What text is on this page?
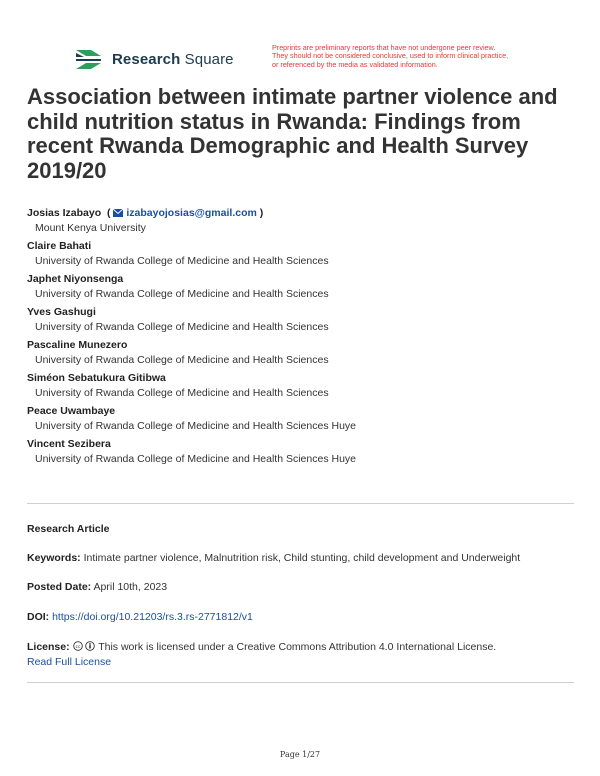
Research Square
Preprints are preliminary reports that have not undergone peer review.
They should not be considered conclusive, used to inform clinical practice,
or referenced by the media as validated information.
Association between intimate partner violence and child nutrition status in Rwanda: Findings from recent Rwanda Demographic and Health Survey 2019/20
Josias Izabayo  ( izabayojosias@gmail.com )
Mount Kenya University
Claire Bahati
University of Rwanda College of Medicine and Health Sciences
Japhet Niyonsenga
University of Rwanda College of Medicine and Health Sciences
Yves Gashugi
University of Rwanda College of Medicine and Health Sciences
Pascaline Munezero
University of Rwanda College of Medicine and Health Sciences
Siméon Sebatukura Gitibwa
University of Rwanda College of Medicine and Health Sciences
Peace Uwambaye
University of Rwanda College of Medicine and Health Sciences Huye
Vincent Sezibera
University of Rwanda College of Medicine and Health Sciences Huye
Research Article
Keywords: Intimate partner violence, Malnutrition risk, Child stunting, child development and Underweight
Posted Date: April 10th, 2023
DOI: https://doi.org/10.21203/rs.3.rs-2771812/v1
License: cc This work is licensed under a Creative Commons Attribution 4.0 International License.
Read Full License
Page 1/27
